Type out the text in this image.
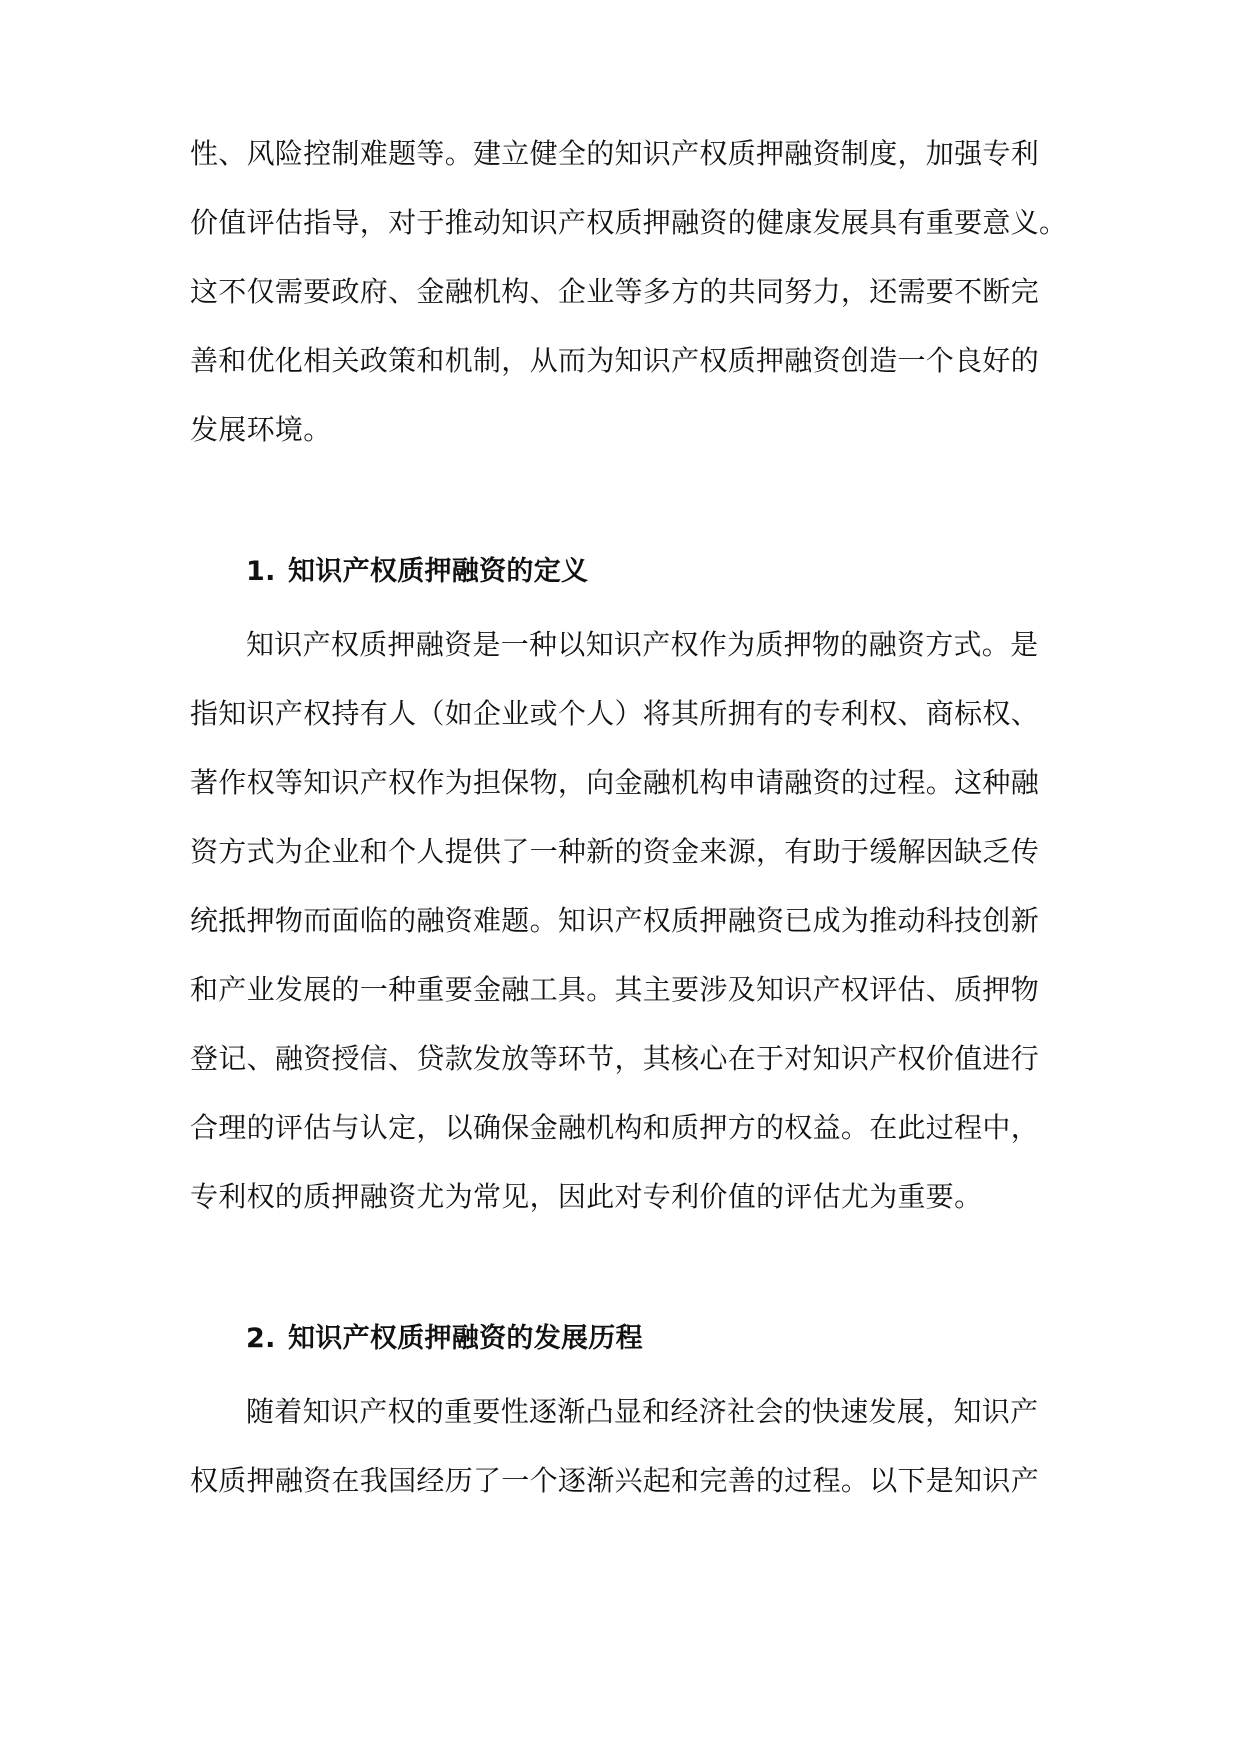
性、风险控制难题等。建立健全的知识产权质押融资制度，加强专利
价值评估指导，对于推动知识产权质押融资的健康发展具有重要意义。
这不仅需要政府、金融机构、企业等多方的共同努力，还需要不断完
善和优化相关政策和机制，从而为知识产权质押融资创造一个良好的
发展环境。
1. 知识产权质押融资的定义
知识产权质押融资是一种以知识产权作为质押物的融资方式。是
指知识产权持有人（如企业或个人）将其所拥有的专利权、商标权、
著作权等知识产权作为担保物，向金融机构申请融资的过程。这种融
资方式为企业和个人提供了一种新的资金来源，有助于缓解因缺乏传
统抵押物而面临的融资难题。知识产权质押融资已成为推动科技创新
和产业发展的一种重要金融工具。其主要涉及知识产权评估、质押物
登记、融资授信、贷款发放等环节，其核心在于对知识产权价值进行
合理的评估与认定，以确保金融机构和质押方的权益。在此过程中，
专利权的质押融资尤为常见，因此对专利价值的评估尤为重要。
2. 知识产权质押融资的发展历程
随着知识产权的重要性逐渐凸显和经济社会的快速发展，知识产
权质押融资在我国经历了一个逐渐兴起和完善的过程。以下是知识产
